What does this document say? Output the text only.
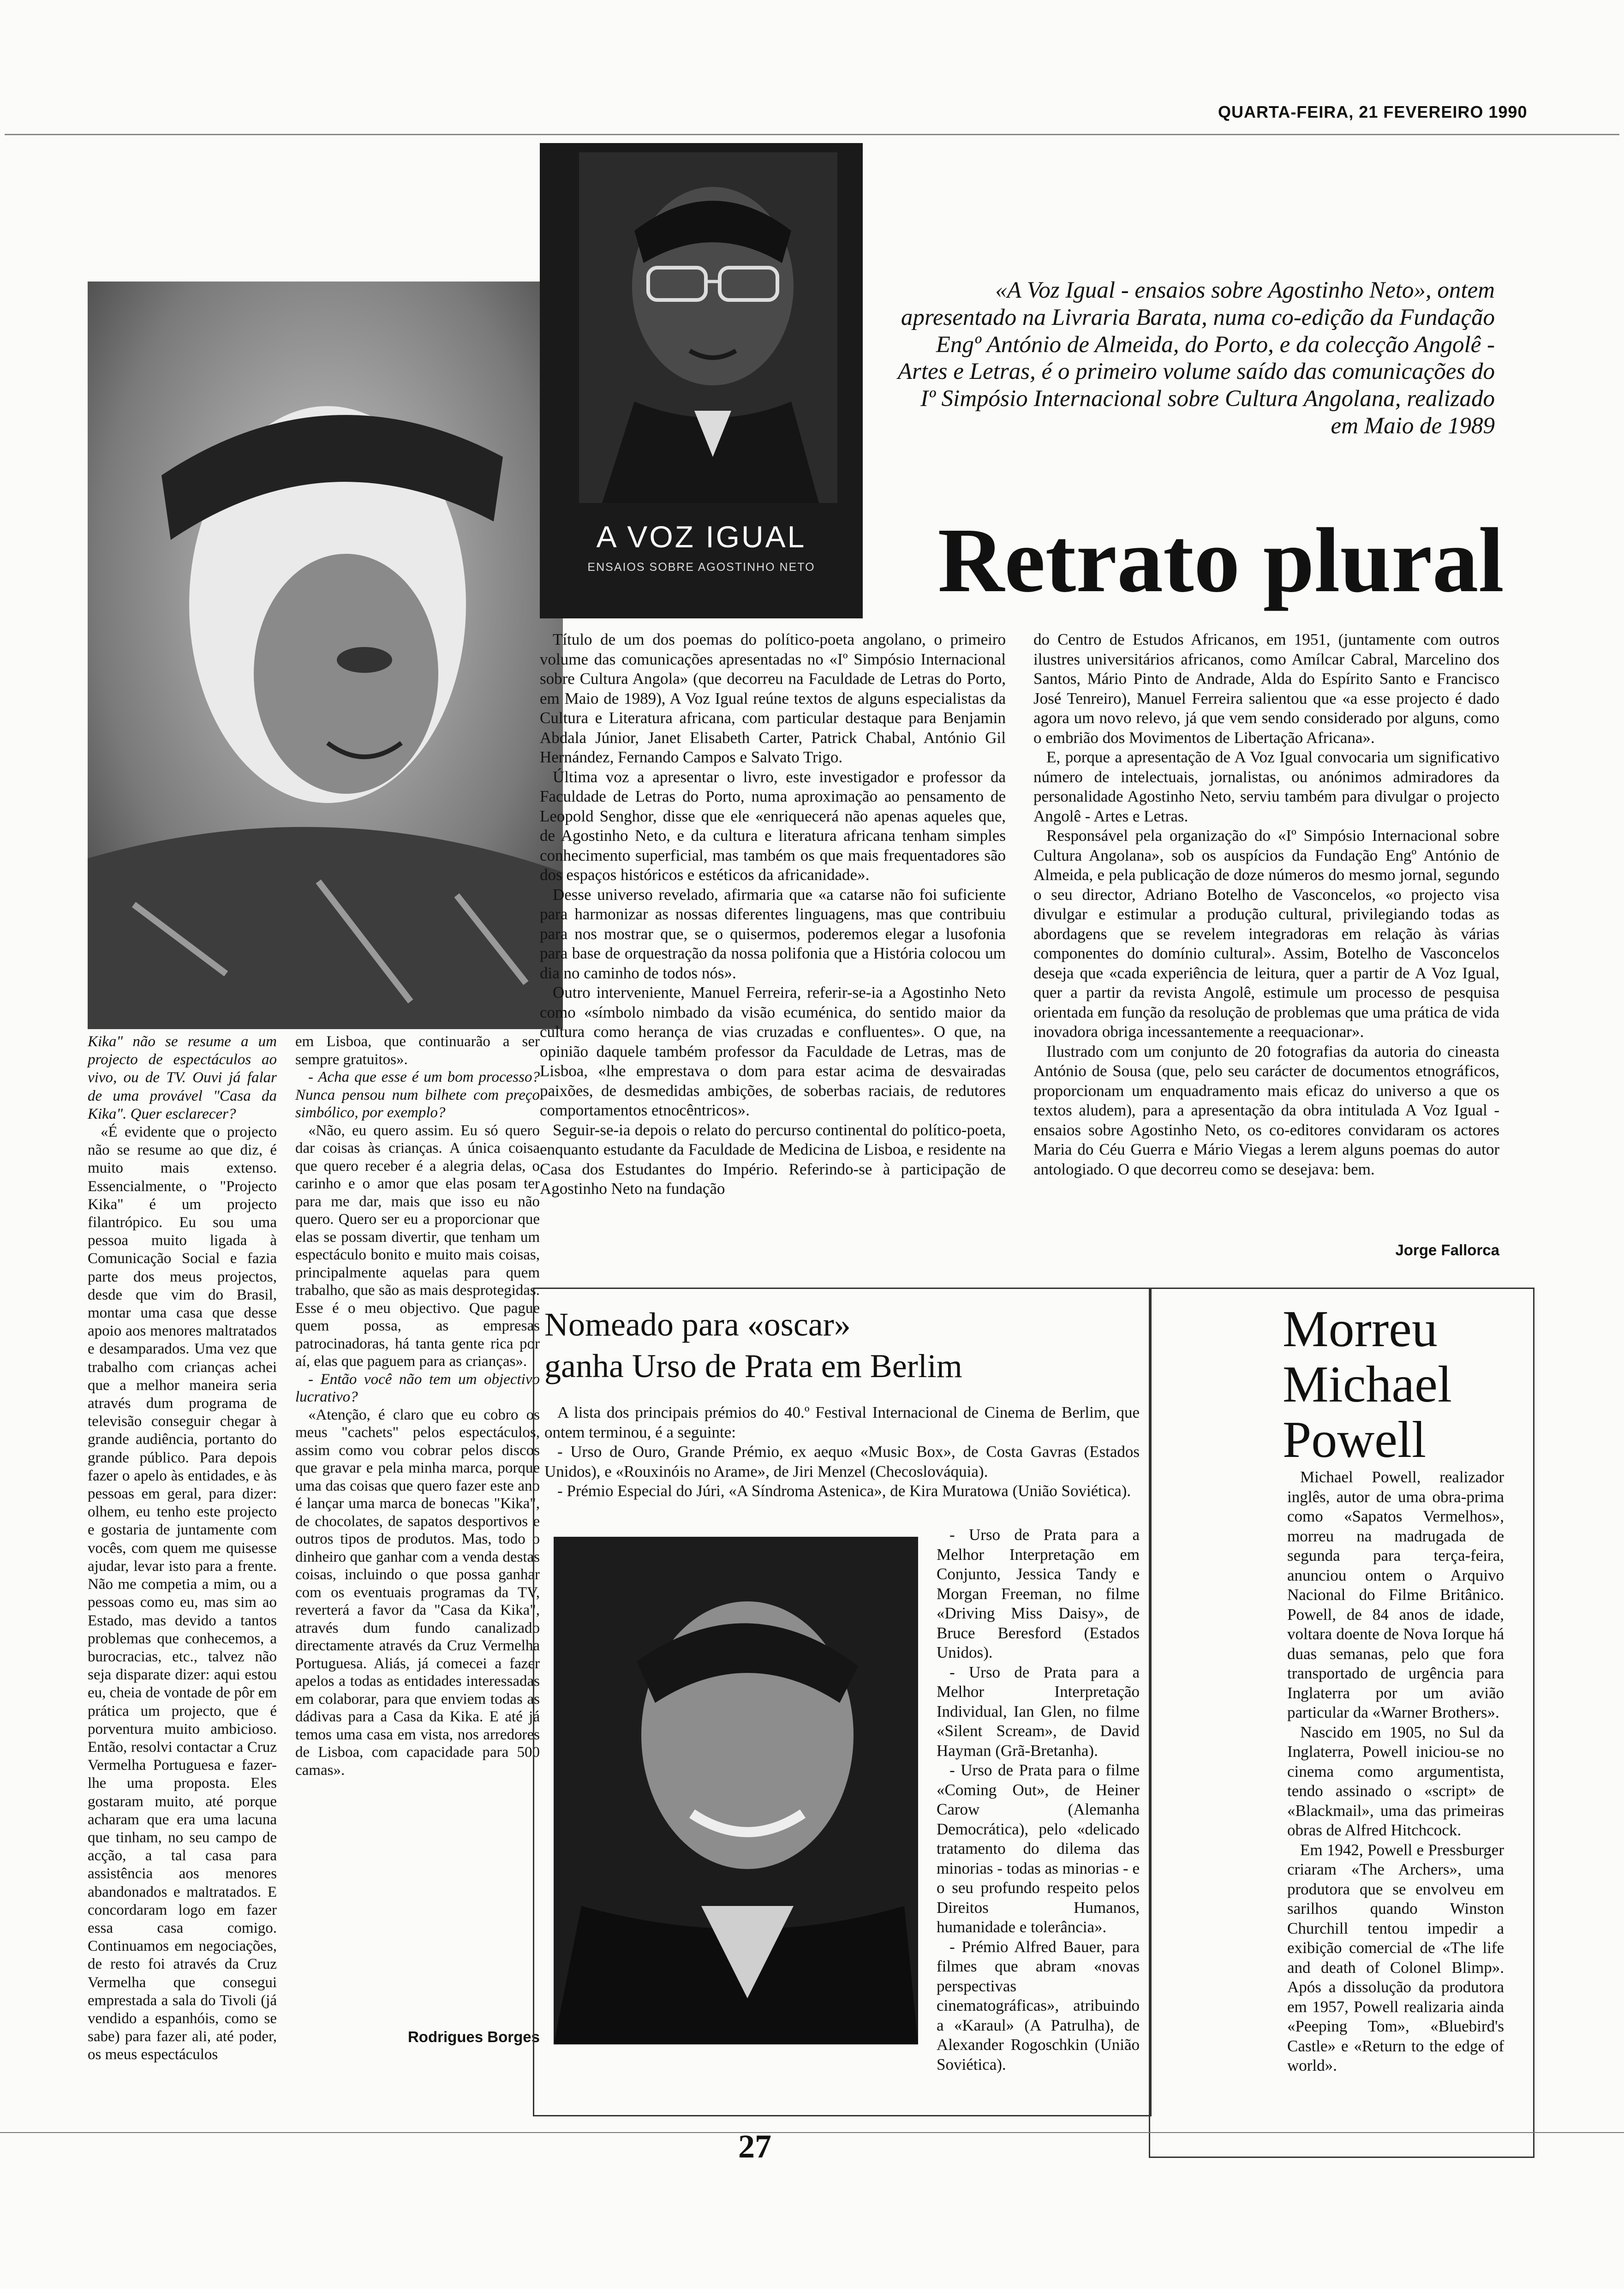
QUARTA-FEIRA, 21 FEVEREIRO 1990

Kika" não se resume a um projecto de espectáculos ao vivo, ou de TV. Ouvi já falar de uma provável "Casa da Kika". Quer esclarecer?

«É evidente que o projecto não se resume ao que diz, é muito mais extenso. Essencialmente, o "Projecto Kika" é um projecto filantrópico. Eu sou uma pessoa muito ligada à Comunicação Social e fazia parte dos meus projectos, desde que vim do Brasil, montar uma casa que desse apoio aos menores maltratados e desamparados. Uma vez que trabalho com crianças achei que a melhor maneira seria através dum programa de televisão conseguir chegar à grande audiência, portanto do grande público. Para depois fazer o apelo às entidades, e às pessoas em geral, para dizer: olhem, eu tenho este projecto e gostaria de juntamente com vocês, com quem me quisesse ajudar, levar isto para a frente. Não me competia a mim, ou a pessoas como eu, mas sim ao Estado, mas devido a tantos problemas que conhecemos, a burocracias, etc., talvez não seja disparate dizer: aqui estou eu, cheia de vontade de pôr em prática um projecto, que é porventura muito ambicioso. Então, resolvi contactar a Cruz Vermelha Portuguesa e fazer-lhe uma proposta. Eles gostaram muito, até porque acharam que era uma lacuna que tinham, no seu campo de acção, a tal casa para assistência aos menores abandonados e maltratados. E concordaram logo em fazer essa casa comigo. Continuamos em negociações, de resto foi através da Cruz Vermelha que consegui emprestada a sala do Tivoli (já vendido a espanhóis, como se sabe) para fazer ali, até poder, os meus espectáculos

em Lisboa, que continuarão a ser sempre gratuitos».

- Acha que esse é um bom processo? Nunca pensou num bilhete com preço simbólico, por exemplo?

«Não, eu quero assim. Eu só quero dar coisas às crianças. A única coisa que quero receber é a alegria delas, o carinho e o amor que elas posam ter para me dar, mais que isso eu não quero. Quero ser eu a proporcionar que elas se possam divertir, que tenham um espectáculo bonito e muito mais coisas, principalmente aquelas para quem trabalho, que são as mais desprotegidas. Esse é o meu objectivo. Que pague quem possa, as empresas patrocinadoras, há tanta gente rica por aí, elas que paguem para as crianças».

- Então você não tem um objectivo lucrativo?

«Atenção, é claro que eu cobro os meus "cachets" pelos espectáculos, assim como vou cobrar pelos discos que gravar e pela minha marca, porque uma das coisas que quero fazer este ano é lançar uma marca de bonecas "Kika", de chocolates, de sapatos desportivos e outros tipos de produtos. Mas, todo o dinheiro que ganhar com a venda destas coisas, incluindo o que possa ganhar com os eventuais programas da TV, reverterá a favor da "Casa da Kika", através dum fundo canalizado directamente através da Cruz Vermelha Portuguesa. Aliás, já comecei a fazer apelos a todas as entidades interessadas em colaborar, para que enviem todas as dádivas para a Casa da Kika. E até já temos uma casa em vista, nos arredores de Lisboa, com capacidade para 500 camas».

Rodrigues Borges
A VOZ IGUAL
ENSAIOS SOBRE AGOSTINHO NETO
«A Voz Igual - ensaios sobre Agostinho Neto», ontem apresentado na Livraria Barata, numa co-edição da Fundação Engº António de Almeida, do Porto, e da colecção Angolê - Artes e Letras, é o primeiro volume saído das comunicações do Iº Simpósio Internacional sobre Cultura Angolana, realizado em Maio de 1989
Retrato plural

Título de um dos poemas do político-poeta angolano, o primeiro volume das comunicações apresentadas no «Iº Simpósio Internacional sobre Cultura Angola» (que decorreu na Faculdade de Letras do Porto, em Maio de 1989), A Voz Igual reúne textos de alguns especialistas da Cultura e Literatura africana, com particular destaque para Benjamin Abdala Júnior, Janet Elisabeth Carter, Patrick Chabal, António Gil Hernández, Fernando Campos e Salvato Trigo.

Última voz a apresentar o livro, este investigador e professor da Faculdade de Letras do Porto, numa aproximação ao pensamento de Leopold Senghor, disse que ele «enriquecerá não apenas aqueles que, de Agostinho Neto, e da cultura e literatura africana tenham simples conhecimento superficial, mas também os que mais frequentadores são dos espaços históricos e estéticos da africanidade».

Desse universo revelado, afirmaria que «a catarse não foi suficiente para harmonizar as nossas diferentes linguagens, mas que contribuiu para nos mostrar que, se o quisermos, poderemos elegar a lusofonia para base de orquestração da nossa polifonia que a História colocou um dia no caminho de todos nós».

Outro interveniente, Manuel Ferreira, referir-se-ia a Agostinho Neto como «símbolo nimbado da visão ecuménica, do sentido maior da cultura como herança de vias cruzadas e confluentes». O que, na opinião daquele também professor da Faculdade de Letras, mas de Lisboa, «lhe emprestava o dom para estar acima de desvairadas paixões, de desmedidas ambições, de soberbas raciais, de redutores comportamentos etnocêntricos».

Seguir-se-ia depois o relato do percurso continental do político-poeta, enquanto estudante da Faculdade de Medicina de Lisboa, e residente na Casa dos Estudantes do Império. Referindo-se à participação de Agostinho Neto na fundação

do Centro de Estudos Africanos, em 1951, (juntamente com outros ilustres universitários africanos, como Amílcar Cabral, Marcelino dos Santos, Mário Pinto de Andrade, Alda do Espírito Santo e Francisco José Tenreiro), Manuel Ferreira salientou que «a esse projecto é dado agora um novo relevo, já que vem sendo considerado por alguns, como o embrião dos Movimentos de Libertação Africana».

E, porque a apresentação de A Voz Igual convocaria um significativo número de intelectuais, jornalistas, ou anónimos admiradores da personalidade Agostinho Neto, serviu também para divulgar o projecto Angolê - Artes e Letras.

Responsável pela organização do «Iº Simpósio Internacional sobre Cultura Angolana», sob os auspícios da Fundação Engº António de Almeida, e pela publicação de doze números do mesmo jornal, segundo o seu director, Adriano Botelho de Vasconcelos, «o projecto visa divulgar e estimular a produção cultural, privilegiando todas as abordagens que se revelem integradoras em relação às várias componentes do domínio cultural». Assim, Botelho de Vasconcelos deseja que «cada experiência de leitura, quer a partir de A Voz Igual, quer a partir da revista Angolê, estimule um processo de pesquisa orientada em função da resolução de problemas que uma prática de vida inovadora obriga incessantemente a reequacionar».

Ilustrado com um conjunto de 20 fotografias da autoria do cineasta António de Sousa (que, pelo seu carácter de documentos etnográficos, proporcionam um enquadramento mais eficaz do universo a que os textos aludem), para a apresentação da obra intitulada A Voz Igual - ensaios sobre Agostinho Neto, os co-editores convidaram os actores Maria do Céu Guerra e Mário Viegas a lerem alguns poemas do autor antologiado. O que decorreu como se desejava: bem.

Jorge Fallorca
Nomeado para «oscar»
ganha Urso de Prata em Berlim

A lista dos principais prémios do 40.º Festival Internacional de Cinema de Berlim, que ontem terminou, é a seguinte:

- Urso de Ouro, Grande Prémio, ex aequo «Music Box», de Costa Gavras (Estados Unidos), e «Rouxinóis no Arame», de Jiri Menzel (Checoslováquia).

- Prémio Especial do Júri, «A Síndroma Astenica», de Kira Muratowa (União Soviética).

- Urso de Prata para a Melhor Interpretação em Conjunto, Jessica Tandy e Morgan Freeman, no filme «Driving Miss Daisy», de Bruce Beresford (Estados Unidos).

- Urso de Prata para a Melhor Interpretação Individual, Ian Glen, no filme «Silent Scream», de David Hayman (Grã-Bretanha).

- Urso de Prata para o filme «Coming Out», de Heiner Carow (Alemanha Democrática), pelo «delicado tratamento do dilema das minorias - todas as minorias - e o seu profundo respeito pelos Direitos Humanos, humanidade e tolerância».

- Prémio Alfred Bauer, para filmes que abram «novas perspectivas cinematográficas», atribuindo a «Karaul» (A Patrulha), de Alexander Rogoschkin (União Soviética).

Morreu
Michael
Powell

Michael Powell, realizador inglês, autor de uma obra-prima como «Sapatos Vermelhos», morreu na madrugada de segunda para terça-feira, anunciou ontem o Arquivo Nacional do Filme Britânico. Powell, de 84 anos de idade, voltara doente de Nova Iorque há duas semanas, pelo que fora transportado de urgência para Inglaterra por um avião particular da «Warner Brothers».

Nascido em 1905, no Sul da Inglaterra, Powell iniciou-se no cinema como argumentista, tendo assinado o «script» de «Blackmail», uma das primeiras obras de Alfred Hitchcock.

Em 1942, Powell e Pressburger criaram «The Archers», uma produtora que se envolveu em sarilhos quando Winston Churchill tentou impedir a exibição comercial de «The life and death of Colonel Blimp». Após a dissolução da produtora em 1957, Powell realizaria ainda «Peeping Tom», «Bluebird's Castle» e «Return to the edge of world».

27
